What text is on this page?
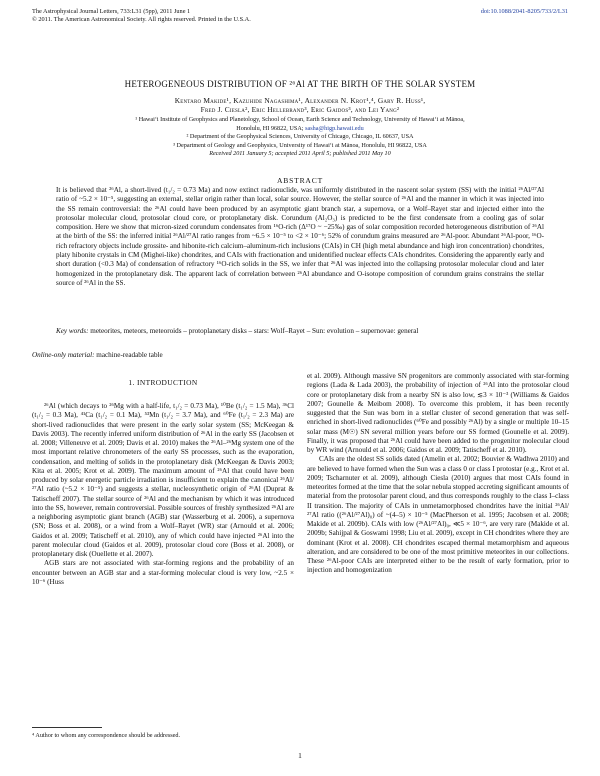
The Astrophysical Journal Letters, 733:L31 (5pp), 2011 June 1
© 2011. The American Astronomical Society. All rights reserved. Printed in the U.S.A.
doi:10.1088/2041-8205/733/2/L31
HETEROGENEOUS DISTRIBUTION OF ²⁶Al AT THE BIRTH OF THE SOLAR SYSTEM
Kentaro Makide¹, Kazuhide Nagashima¹, Alexander N. Krot¹,⁴, Gary R. Huss¹,
Fred J. Ciesla², Eric Hellebrand³, Eric Gaidos³, and Lei Yang²
¹ Hawai‘i Institute of Geophysics and Planetology, School of Ocean, Earth Science and Technology, University of Hawai‘i at Mānoa,
Honolulu, HI 96822, USA; sasha@higp.hawaii.edu
² Department of the Geophysical Sciences, University of Chicago, Chicago, IL 60637, USA
³ Department of Geology and Geophysics, University of Hawai‘i at Mānoa, Honolulu, HI 96822, USA
Received 2011 January 5; accepted 2011 April 5; published 2011 May 10
ABSTRACT

It is believed that ²⁶Al, a short-lived (t₁/₂ = 0.73 Ma) and now extinct radionuclide, was uniformly distributed in the nascent solar system (SS) with the initial ²⁶Al/²⁷Al ratio of ~5.2 × 10⁻⁵, suggesting an external, stellar origin rather than local, solar source. However, the stellar source of ²⁶Al and the manner in which it was injected into the SS remain controversial: the ²⁶Al could have been produced by an asymptotic giant branch star, a supernova, or a Wolf–Rayet star and injected either into the protosolar molecular cloud, protosolar cloud core, or protoplanetary disk. Corundum (Al₂O₃) is predicted to be the first condensate from a cooling gas of solar composition. Here we show that micron-sized corundum condensates from ¹⁶O-rich (Δ¹⁷O ~ −25‰) gas of solar composition recorded heterogeneous distribution of ²⁶Al at the birth of the SS: the inferred initial ²⁶Al/²⁷Al ratio ranges from ~6.5 × 10⁻⁵ to <2 × 10⁻⁶; 52% of corundum grains measured are ²⁶Al-poor. Abundant ²⁶Al-poor, ¹⁶O-rich refractory objects include grossite- and hibonite-rich calcium–aluminum-rich inclusions (CAIs) in CH (high metal abundance and high iron concentration) chondrites, platy hibonite crystals in CM (Mighei-like) chondrites, and CAIs with fractionation and unidentified nuclear effects CAIs chondrites. Considering the apparently early and short duration (<0.3 Ma) of condensation of refractory ¹⁶O-rich solids in the SS, we infer that ²⁶Al was injected into the collapsing protosolar molecular cloud and later homogenized in the protoplanetary disk. The apparent lack of correlation between ²⁶Al abundance and O-isotope composition of corundum grains constrains the stellar source of ²⁶Al in the SS.

Key words: meteorites, meteors, meteoroids – protoplanetary disks – stars: Wolf–Rayet – Sun: evolution – supernovae: general

Online-only material: machine-readable table

1. INTRODUCTION

²⁶Al (which decays to ²⁶Mg with a half-life, t₁/₂ = 0.73 Ma), ¹⁰Be (t₁/₂ = 1.5 Ma), ³⁶Cl (t₁/₂ = 0.3 Ma), ⁴¹Ca (t₁/₂ = 0.1 Ma), ⁵³Mn (t₁/₂ = 3.7 Ma), and ⁶⁰Fe (t₁/₂ = 2.3 Ma) are short-lived radionuclides that were present in the early solar system (SS; McKeegan & Davis 2003). The recently inferred uniform distribution of ²⁶Al in the early SS (Jacobsen et al. 2008; Villeneuve et al. 2009; Davis et al. 2010) makes the ²⁶Al–²⁶Mg system one of the most important relative chronometers of the early SS processes, such as the evaporation, condensation, and melting of solids in the protoplanetary disk (McKeegan & Davis 2003; Kita et al. 2005; Krot et al. 2009). The maximum amount of ²⁶Al that could have been produced by solar energetic particle irradiation is insufficient to explain the canonical ²⁶Al/²⁷Al ratio (~5.2 × 10⁻⁵) and suggests a stellar, nucleosynthetic origin of ²⁶Al (Duprat & Tatischeff 2007). The stellar source of ²⁶Al and the mechanism by which it was introduced into the SS, however, remain controversial. Possible sources of freshly synthesized ²⁶Al are a neighboring asymptotic giant branch (AGB) star (Wasserburg et al. 2006), a supernova (SN; Boss et al. 2008), or a wind from a Wolf–Rayet (WR) star (Arnould et al. 2006; Gaidos et al. 2009; Tatischeff et al. 2010), any of which could have injected ²⁶Al into the parent molecular cloud (Gaidos et al. 2009), protosolar cloud core (Boss et al. 2008), or protoplanetary disk (Ouellette et al. 2007).

AGB stars are not associated with star-forming regions and the probability of an encounter between an AGB star and a star-forming molecular cloud is very low, ~2.5 × 10⁻⁶ (Huss

et al. 2009). Although massive SN progenitors are commonly associated with star-forming regions (Lada & Lada 2003), the probability of injection of ²⁶Al into the protosolar cloud core or protoplanetary disk from a nearby SN is also low, ≲3 × 10⁻³ (Williams & Gaidos 2007; Gounelle & Meibom 2008). To overcome this problem, it has been recently suggested that the Sun was born in a stellar cluster of second generation that was self-enriched in short-lived radionuclides (⁶⁰Fe and possibly ²⁶Al) by a single or multiple 10–15 solar mass (M☉) SN several million years before our SS formed (Gounelle et al. 2009). Finally, it was proposed that ²⁶Al could have been added to the progenitor molecular cloud by WR wind (Arnould et al. 2006; Gaidos et al. 2009; Tatischeff et al. 2010).

CAIs are the oldest SS solids dated (Amelin et al. 2002; Bouvier & Wadhwa 2010) and are believed to have formed when the Sun was a class 0 or class I protostar (e.g., Krot et al. 2009; Tscharnuter et al. 2009), although Ciesla (2010) argues that most CAIs found in meteorites formed at the time that the solar nebula stopped accreting significant amounts of material from the protosolar parent cloud, and thus corresponds roughly to the class I–class II transition. The majority of CAIs in unmetamorphosed chondrites have the initial ²⁶Al/²⁷Al ratio ((²⁶Al/²⁷Al)₀) of ~(4–5) × 10⁻⁵ (MacPherson et al. 1995; Jacobsen et al. 2008; Makide et al. 2009b). CAIs with low (²⁶Al/²⁷Al)₀, ≪5 × 10⁻⁶, are very rare (Makide et al. 2009b; Sahijpal & Goswami 1998; Liu et al. 2009), except in CH chondrites where they are dominant (Krot et al. 2008). CH chondrites escaped thermal metamorphism and aqueous alteration, and are considered to be one of the most primitive meteorites in our collections. These ²⁶Al-poor CAIs are interpreted either to be the result of early formation, prior to injection and homogenization

⁴ Author to whom any correspondence should be addressed.
1
